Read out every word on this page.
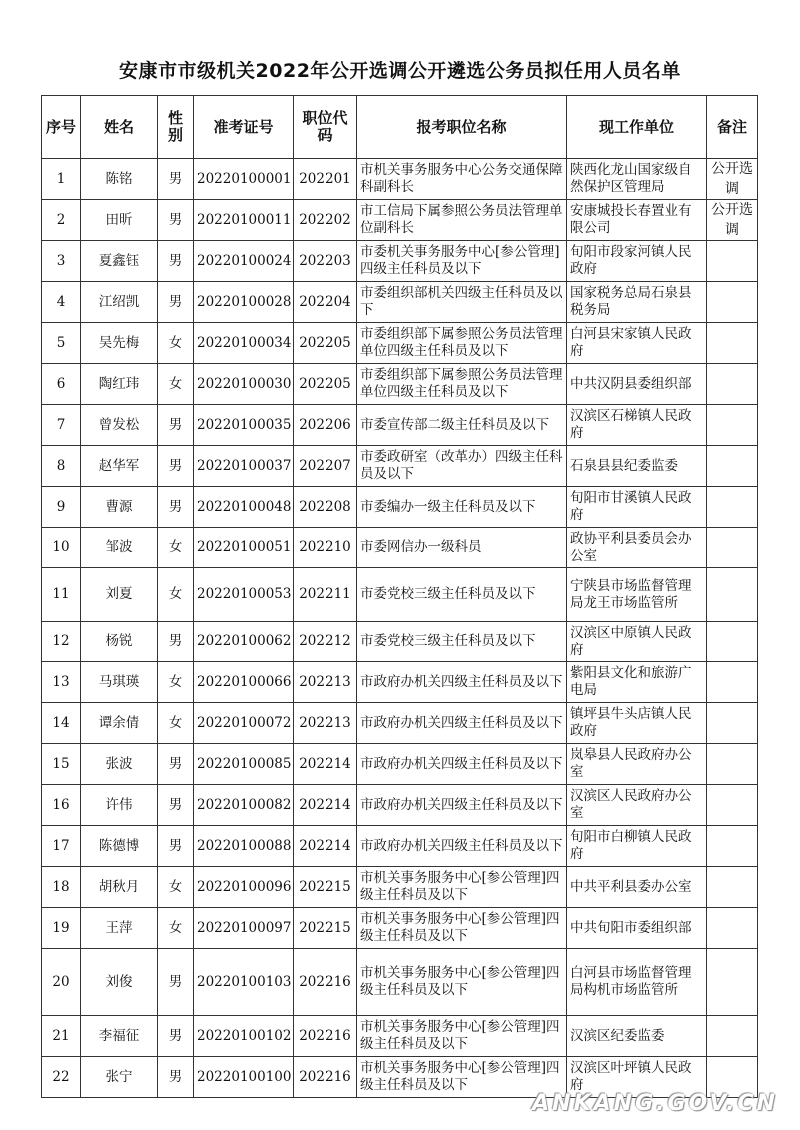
安康市市级机关2022年公开选调公开遴选公务员拟任用人员名单
序号	姓名	性别	准考证号	职位代码	报考职位名称	现工作单位	备注
1	陈铭	男	20220100001	202201	市机关事务服务中心公务交通保障科副科长	陕西化龙山国家级自然保护区管理局	公开选调
2	田昕	男	20220100011	202202	市工信局下属参照公务员法管理单位副科长	安康城投长春置业有限公司	公开选调
3	夏鑫钰	男	20220100024	202203	市委机关事务服务中心[参公管理]四级主任科员及以下	旬阳市段家河镇人民政府	
4	江绍凯	男	20220100028	202204	市委组织部机关四级主任科员及以下	国家税务总局石泉县税务局	
5	吴先梅	女	20220100034	202205	市委组织部下属参照公务员法管理单位四级主任科员及以下	白河县宋家镇人民政府	
6	陶红玮	女	20220100030	202205	市委组织部下属参照公务员法管理单位四级主任科员及以下	中共汉阴县委组织部	
7	曾发松	男	20220100035	202206	市委宣传部二级主任科员及以下	汉滨区石梯镇人民政府	
8	赵华军	男	20220100037	202207	市委政研室（改革办）四级主任科员及以下	石泉县县纪委监委	
9	曹源	男	20220100048	202208	市委编办一级主任科员及以下	旬阳市甘溪镇人民政府	
10	邹波	女	20220100051	202210	市委网信办一级科员	政协平利县委员会办公室	
11	刘夏	女	20220100053	202211	市委党校三级主任科员及以下	宁陕县市场监督管理局龙王市场监管所	
12	杨锐	男	20220100062	202212	市委党校三级主任科员及以下	汉滨区中原镇人民政府	
13	马琪瑛	女	20220100066	202213	市政府办机关四级主任科员及以下	紫阳县文化和旅游广电局	
14	谭余倩	女	20220100072	202213	市政府办机关四级主任科员及以下	镇坪县牛头店镇人民政府	
15	张波	男	20220100085	202214	市政府办机关四级主任科员及以下	岚皋县人民政府办公室	
16	许伟	男	20220100082	202214	市政府办机关四级主任科员及以下	汉滨区人民政府办公室	
17	陈德博	男	20220100088	202214	市政府办机关四级主任科员及以下	旬阳市白柳镇人民政府	
18	胡秋月	女	20220100096	202215	市机关事务服务中心[参公管理]四级主任科员及以下	中共平利县委办公室	
19	王萍	女	20220100097	202215	市机关事务服务中心[参公管理]四级主任科员及以下	中共旬阳市委组织部	
20	刘俊	男	20220100103	202216	市机关事务服务中心[参公管理]四级主任科员及以下	白河县市场监督管理局构机市场监管所	
21	李福征	男	20220100102	202216	市机关事务服务中心[参公管理]四级主任科员及以下	汉滨区纪委监委	
22	张宁	男	20220100100	202216	市机关事务服务中心[参公管理]四级主任科员及以下	汉滨区叶坪镇人民政府	
ANKANG.GOV.CN
